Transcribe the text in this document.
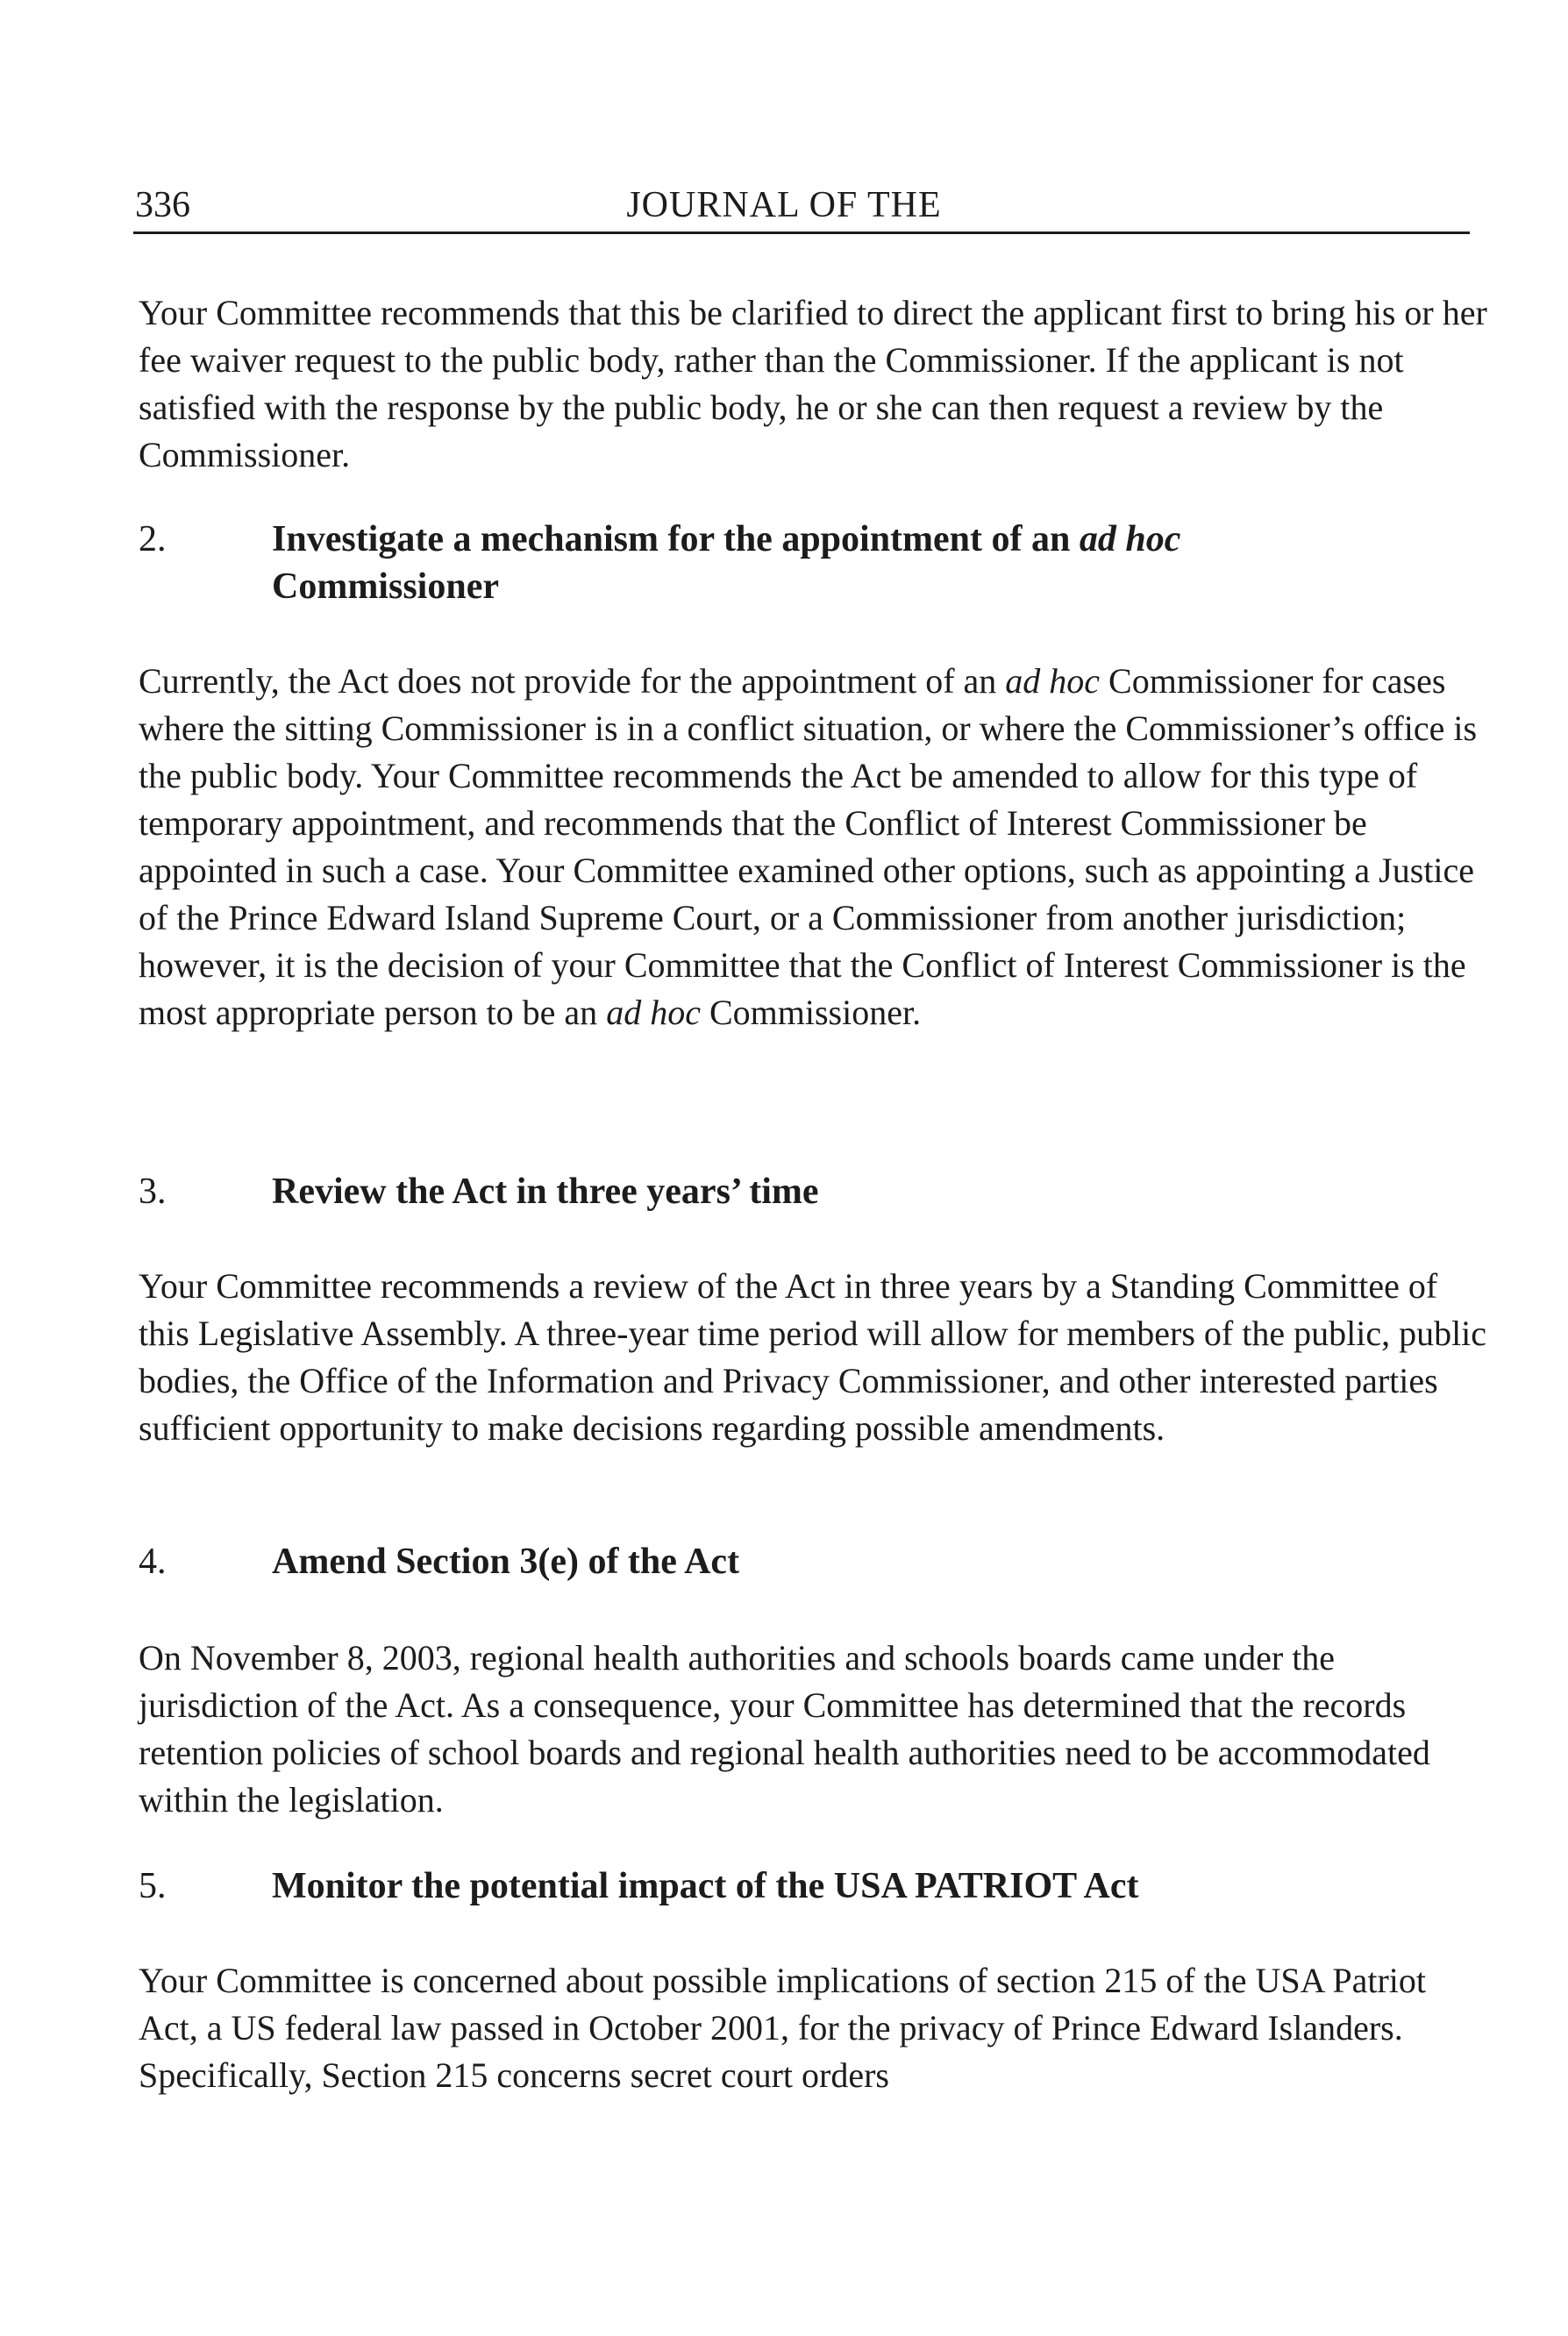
336	JOURNAL OF THE

Your Committee recommends that this be clarified to direct the applicant first to bring his or her fee waiver request to the public body, rather than the Commissioner. If the applicant is not satisfied with the response by the public body, he or she can then request a review by the Commissioner.

2.	Investigate a mechanism for the appointment of an ad hoc
Commissioner

Currently, the Act does not provide for the appointment of an ad hoc Commissioner for cases where the sitting Commissioner is in a conflict situation, or where the Commissioner’s office is the public body. Your Committee recommends the Act be amended to allow for this type of temporary appointment, and recommends that the Conflict of Interest Commissioner be appointed in such a case. Your Committee examined other options, such as appointing a Justice of the Prince Edward Island Supreme Court, or a Commissioner from another jurisdiction; however, it is the decision of your Committee that the Conflict of Interest Commissioner is the most appropriate person to be an ad hoc Commissioner.

3.	Review the Act in three years’ time

Your Committee recommends a review of the Act in three years by a Standing Committee of this Legislative Assembly. A three-year time period will allow for members of the public, public bodies, the Office of the Information and Privacy Commissioner, and other interested parties sufficient opportunity to make decisions regarding possible amendments.

4.	Amend Section 3(e) of the Act

On November 8, 2003, regional health authorities and schools boards came under the jurisdiction of the Act. As a consequence, your Committee has determined that the records retention policies of school boards and regional health authorities need to be accommodated within the legislation.

5.	Monitor the potential impact of the USA PATRIOT Act

Your Committee is concerned about possible implications of section 215 of the USA Patriot Act, a US federal law passed in October 2001, for the privacy of Prince Edward Islanders. Specifically, Section 215 concerns secret court orders
